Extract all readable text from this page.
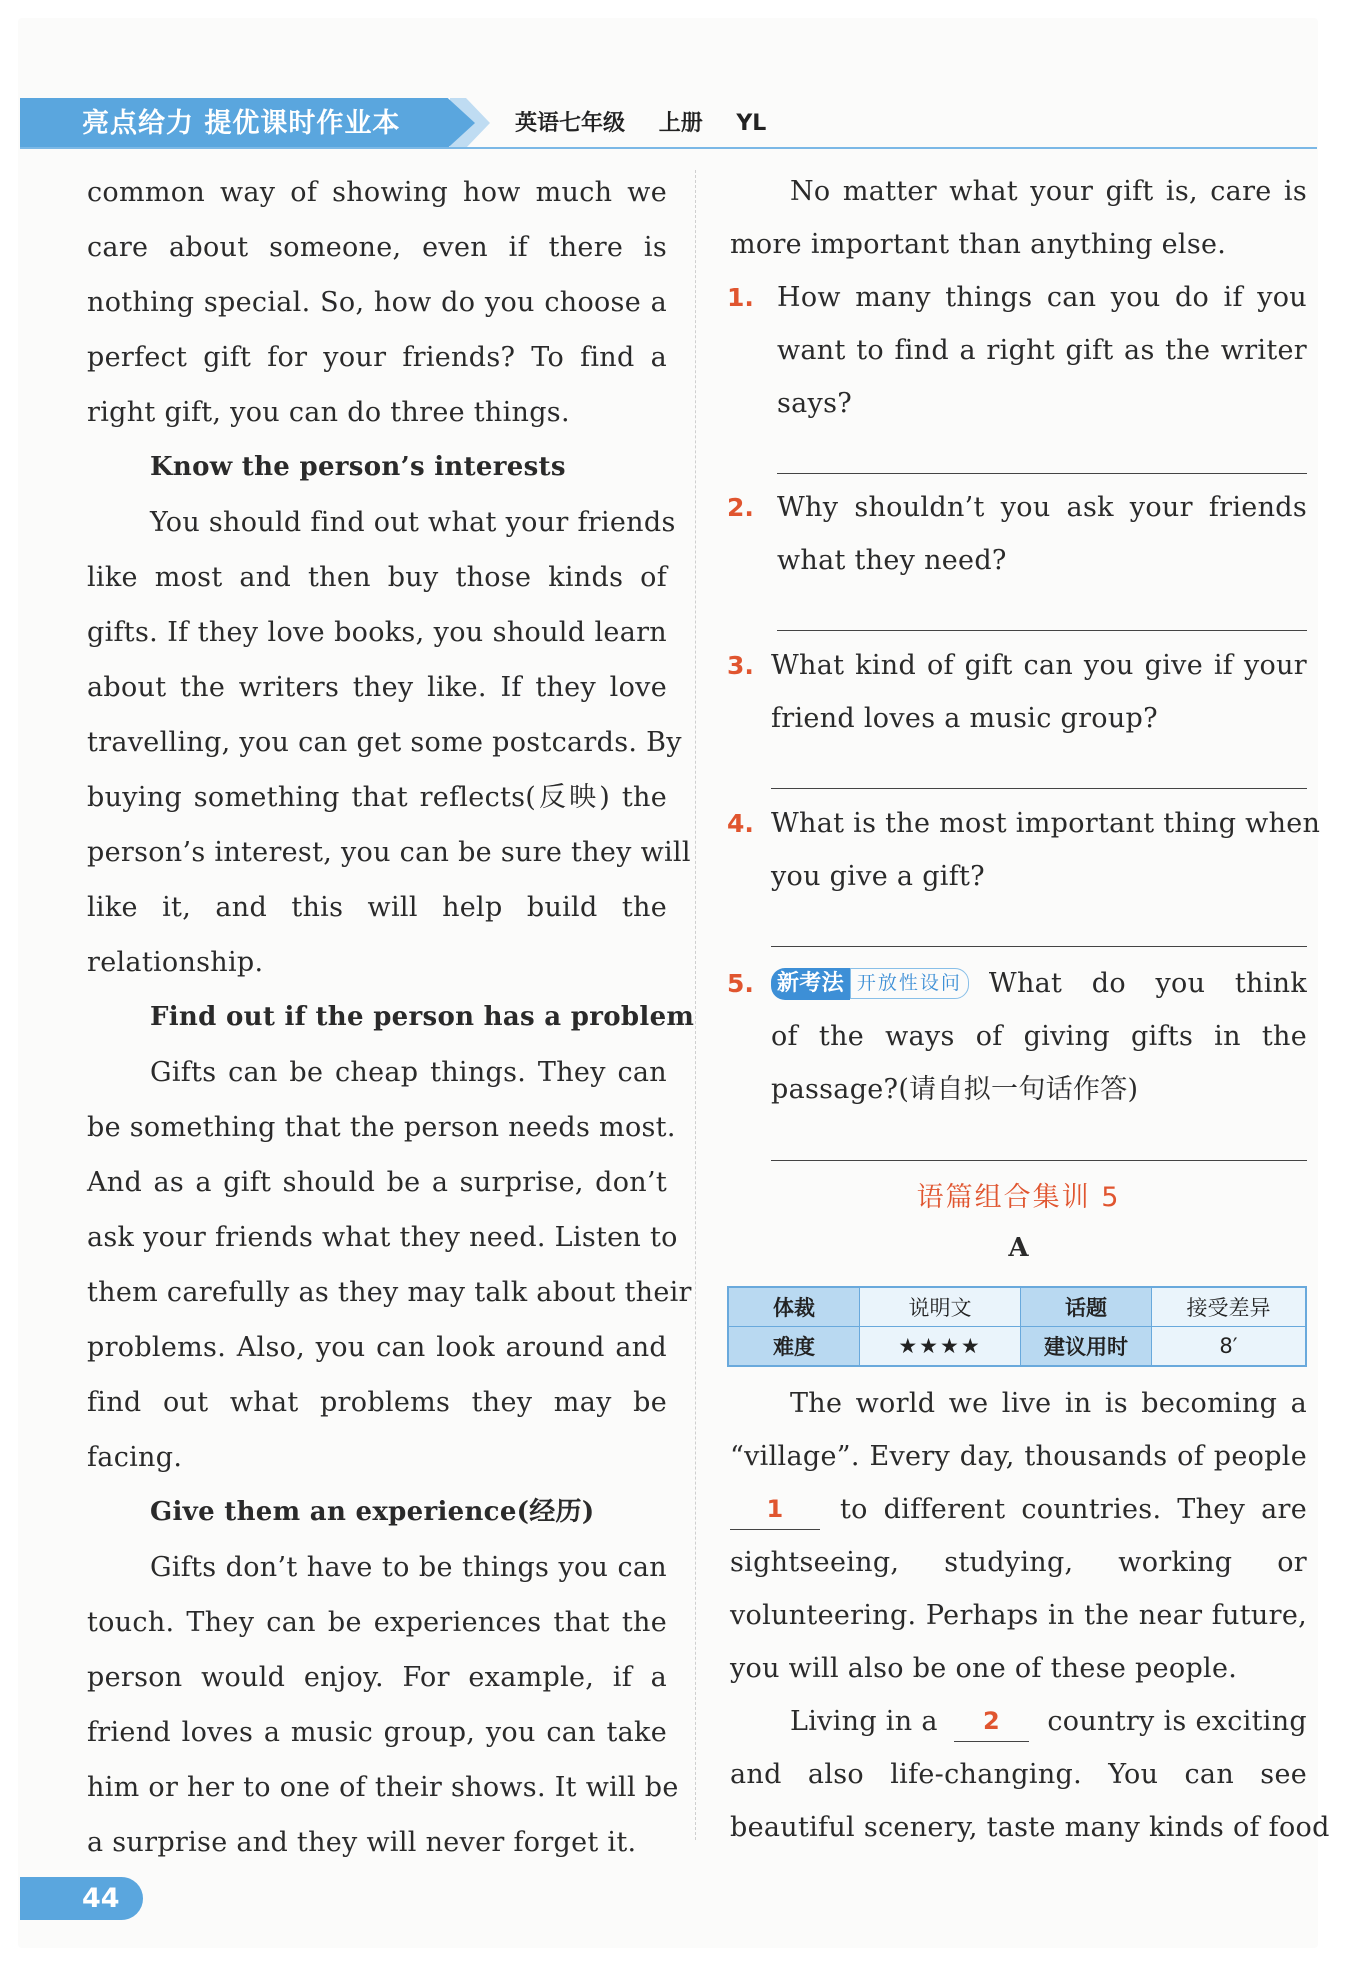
亮点给力 提优课时作业本	英语七年级 上册 YL
common way of showing how much we
care about someone, even if there is
nothing special. So, how do you choose a
perfect gift for your friends? To find a
right gift, you can do three things.
Know the person’s interests
You should find out what your friends
like most and then buy those kinds of
gifts. If they love books, you should learn
about the writers they like. If they love
travelling, you can get some postcards. By
buying something that reflects(反映) the
person’s interest, you can be sure they will
like it, and this will help build the
relationship.
Find out if the person has a problem
Gifts can be cheap things. They can
be something that the person needs most.
And as a gift should be a surprise, don’t
ask your friends what they need. Listen to
them carefully as they may talk about their
problems. Also, you can look around and
find out what problems they may be
facing.
Give them an experience(经历)
Gifts don’t have to be things you can
touch. They can be experiences that the
person would enjoy. For example, if a
friend loves a music group, you can take
him or her to one of their shows. It will be
a surprise and they will never forget it.
No matter what your gift is, care is
more important than anything else.
1. How many things can you do if you
want to find a right gift as the writer
says?
2. Why shouldn’t you ask your friends
what they need?
3. What kind of gift can you give if your
friend loves a music group?
4. What is the most important thing when
you give a gift?
5. 新考法 开放性设问 What do you think
of the ways of giving gifts in the
passage?(请自拟一句话作答)
语篇组合集训 5
A
体裁	说明文	话题	接受差异
难度	★★★★	建议用时	8′
The world we live in is becoming a
“village”. Every day, thousands of people
1	to different countries. They are
sightseeing, studying, working or
volunteering. Perhaps in the near future,
you will also be one of these people.
Living in a	2	country is exciting
and also life-changing. You can see
beautiful scenery, taste many kinds of food
44
